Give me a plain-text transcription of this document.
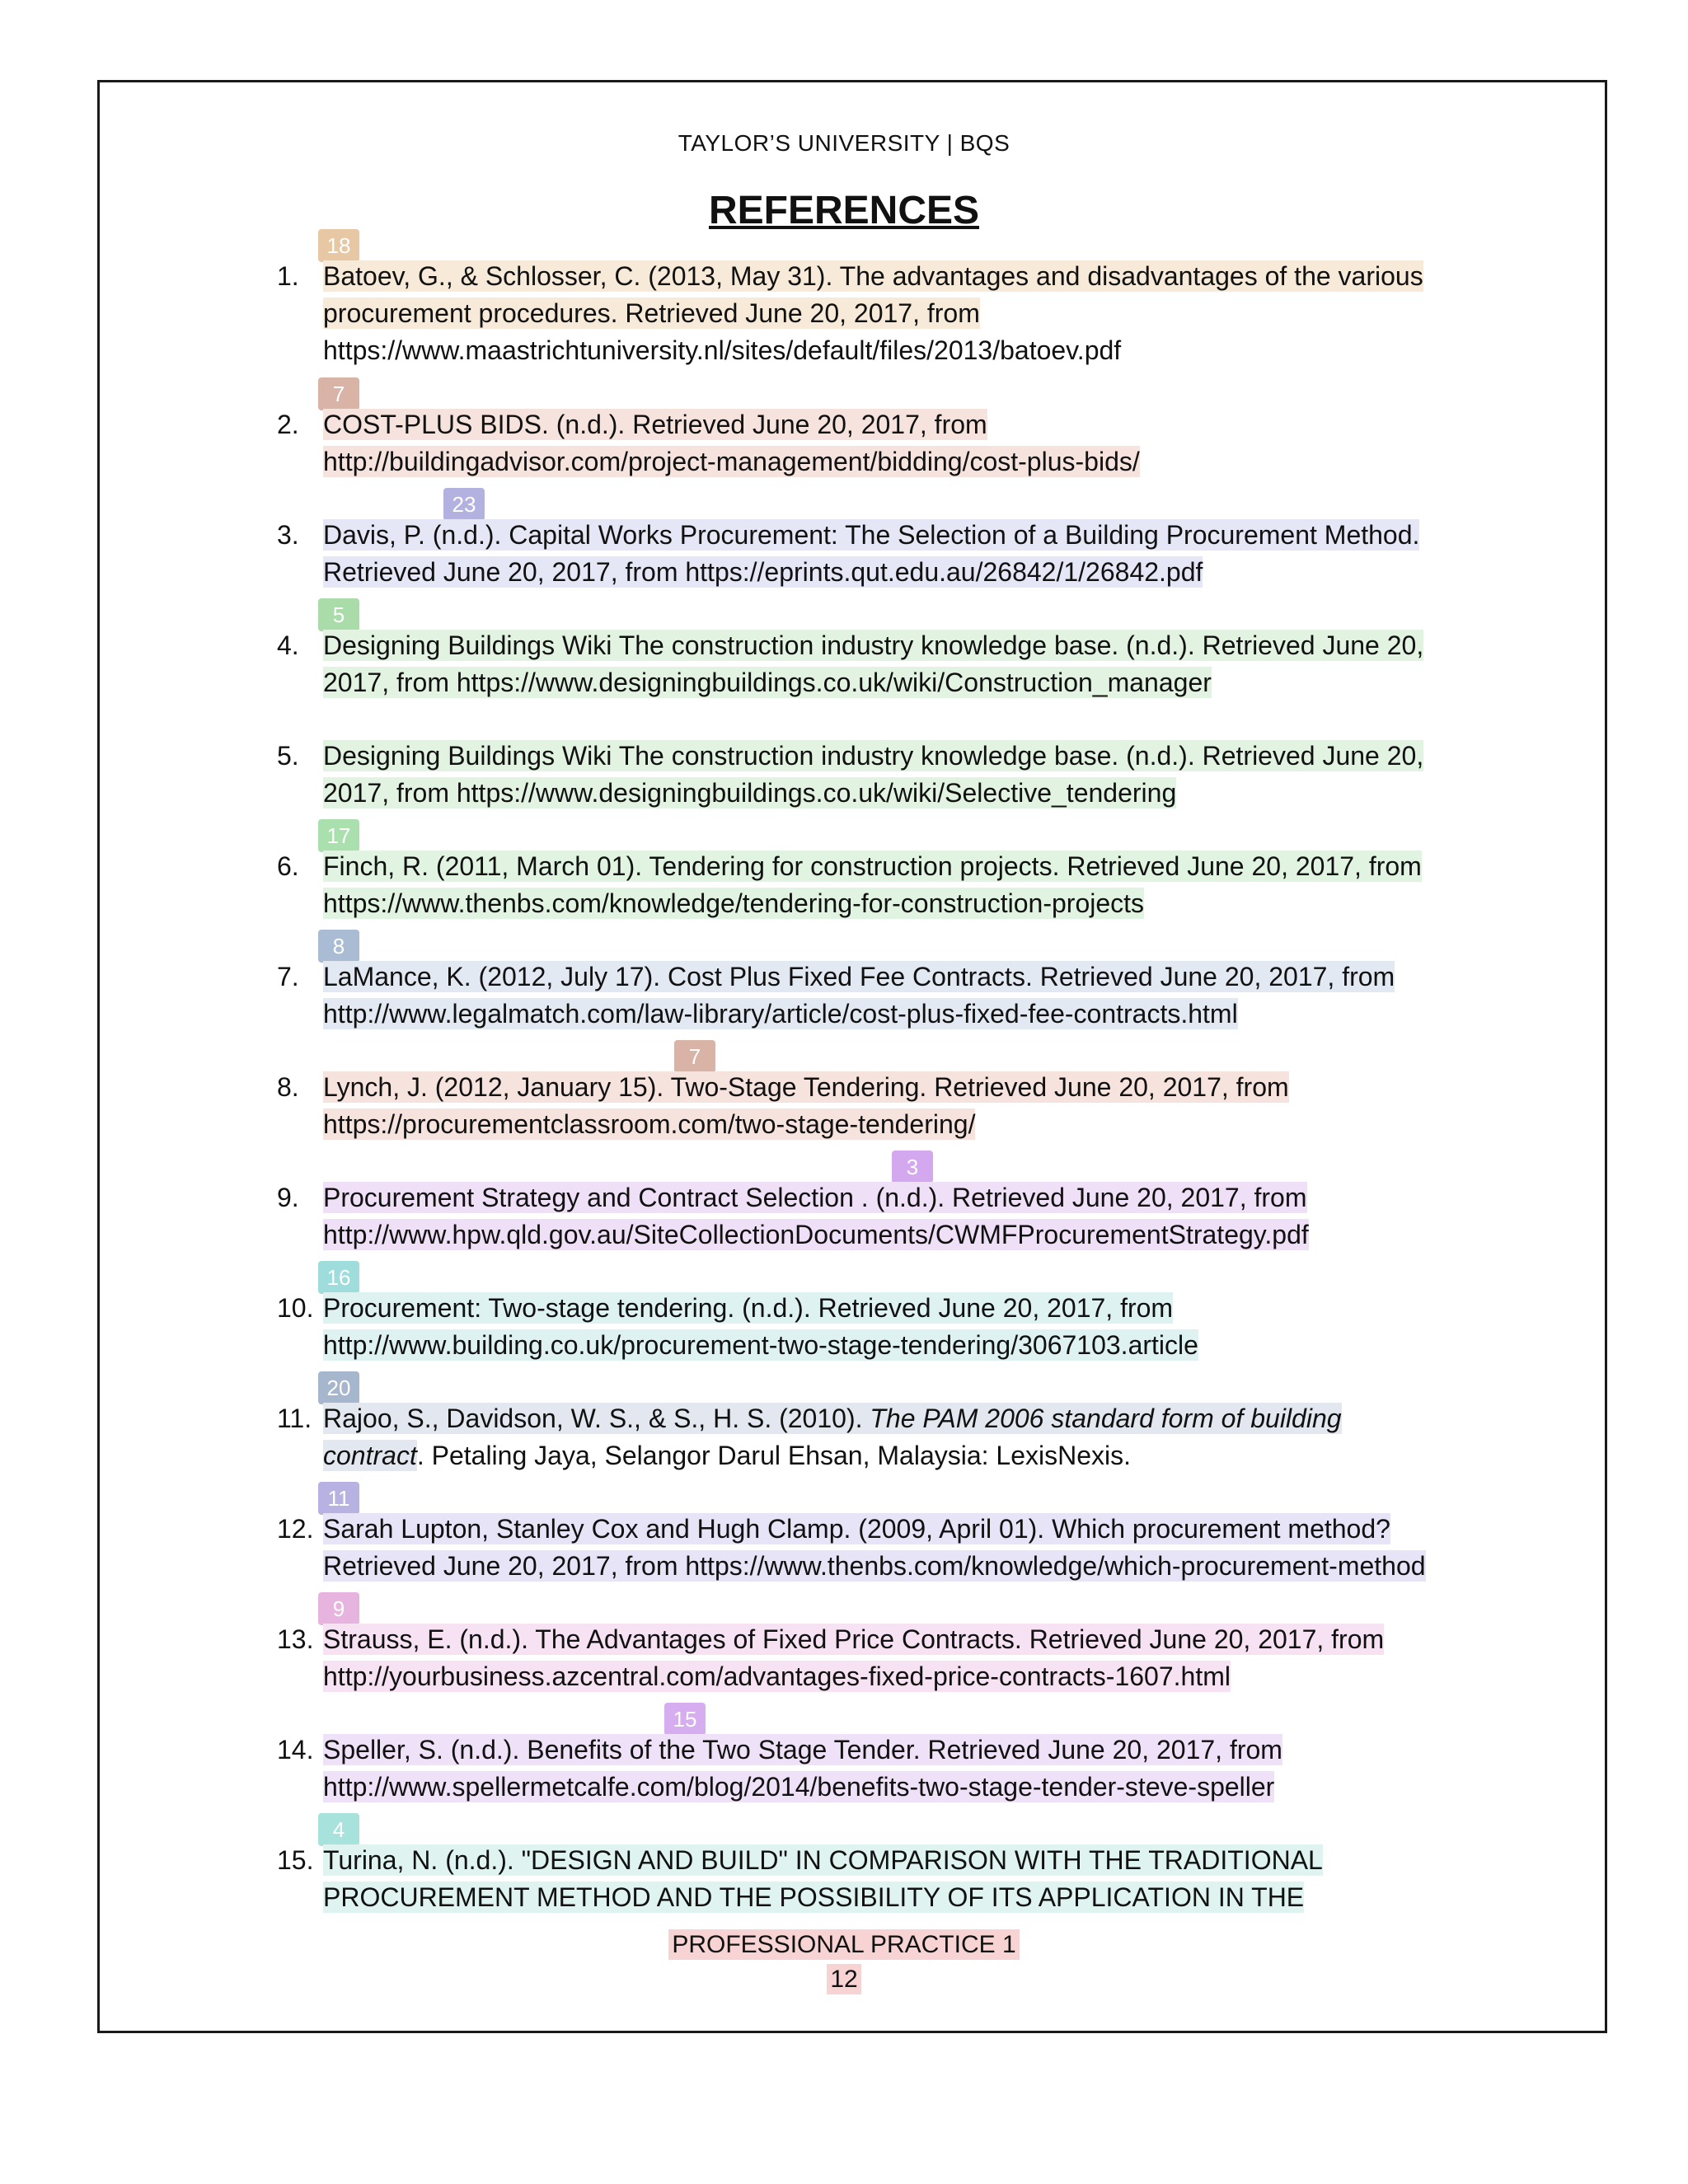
TAYLOR’S UNIVERSITY | BQS
REFERENCES
18
1. Batoev, G., & Schlosser, C. (2013, May 31). The advantages and disadvantages of the various
procurement procedures. Retrieved June 20, 2017, from
https://www.maastrichtuniversity.nl/sites/default/files/2013/batoev.pdf
7
2. COST-PLUS BIDS. (n.d.). Retrieved June 20, 2017, from
http://buildingadvisor.com/project-management/bidding/cost-plus-bids/
23
3. Davis, P. (n.d.). Capital Works Procurement: The Selection of a Building Procurement Method.
Retrieved June 20, 2017, from https://eprints.qut.edu.au/26842/1/26842.pdf
5
4. Designing Buildings Wiki The construction industry knowledge base. (n.d.). Retrieved June 20,
2017, from https://www.designingbuildings.co.uk/wiki/Construction_manager
5. Designing Buildings Wiki The construction industry knowledge base. (n.d.). Retrieved June 20,
2017, from https://www.designingbuildings.co.uk/wiki/Selective_tendering
17
6. Finch, R. (2011, March 01). Tendering for construction projects. Retrieved June 20, 2017, from
https://www.thenbs.com/knowledge/tendering-for-construction-projects
8
7. LaMance, K. (2012, July 17). Cost Plus Fixed Fee Contracts. Retrieved June 20, 2017, from
http://www.legalmatch.com/law-library/article/cost-plus-fixed-fee-contracts.html
7
8. Lynch, J. (2012, January 15). Two-Stage Tendering. Retrieved June 20, 2017, from
https://procurementclassroom.com/two-stage-tendering/
3
9. Procurement Strategy and Contract Selection . (n.d.). Retrieved June 20, 2017, from
http://www.hpw.qld.gov.au/SiteCollectionDocuments/CWMFProcurementStrategy.pdf
16
10. Procurement: Two-stage tendering. (n.d.). Retrieved June 20, 2017, from
http://www.building.co.uk/procurement-two-stage-tendering/3067103.article
20
11. Rajoo, S., Davidson, W. S., & S., H. S. (2010). The PAM 2006 standard form of building
contract. Petaling Jaya, Selangor Darul Ehsan, Malaysia: LexisNexis.
11
12. Sarah Lupton, Stanley Cox and Hugh Clamp. (2009, April 01). Which procurement method?
Retrieved June 20, 2017, from https://www.thenbs.com/knowledge/which-procurement-method
9
13. Strauss, E. (n.d.). The Advantages of Fixed Price Contracts. Retrieved June 20, 2017, from
http://yourbusiness.azcentral.com/advantages-fixed-price-contracts-1607.html
15
14. Speller, S. (n.d.). Benefits of the Two Stage Tender. Retrieved June 20, 2017, from
http://www.spellermetcalfe.com/blog/2014/benefits-two-stage-tender-steve-speller
4
15. Turina, N. (n.d.). "DESIGN AND BUILD" IN COMPARISON WITH THE TRADITIONAL
PROCUREMENT METHOD AND THE POSSIBILITY OF ITS APPLICATION IN THE
PROFESSIONAL PRACTICE 1
12
